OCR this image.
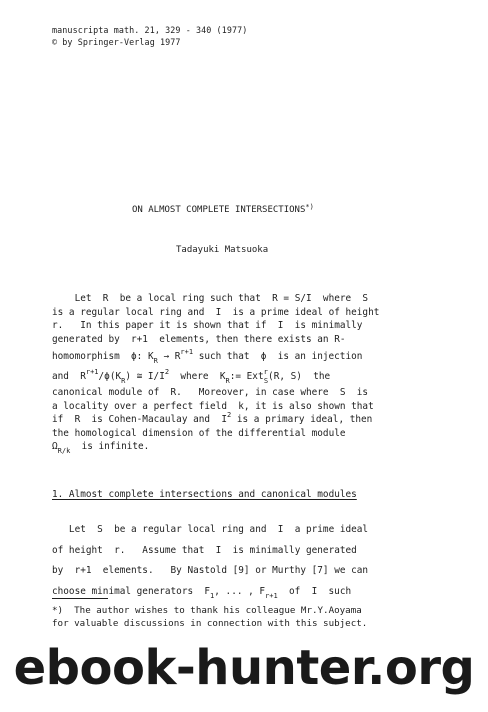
manuscripta math. 21, 329 - 340 (1977)
© by Springer-Verlag 1977
ON ALMOST COMPLETE INTERSECTIONS*)
Tadayuki Matsuoka
Let  R  be a local ring such that  R = S/I  where  S
is a regular local ring and  I  is a prime ideal of height
r.   In this paper it is shown that if  I  is minimally
generated by  r+1  elements, then there exists an R-
homomorphism  ϕ: $K_R \to R^{r+1}$ such that  ϕ  is an injection
and  $R^{r+1}/\phi(K_R)$ ≅ $I/I^2$  where  $K_R:= Ext^r_S(R$, S)  the
canonical module of  R.   Moreover, in case where  S  is
a locality over a perfect field  k, it is also shown that
if  R  is Cohen-Macaulay and  $I^2$ is a primary ideal, then
the homological dimension of the differential module
$\Omega_{R/k}$  is infinite.
1. Almost complete intersections and canonical modules
Let  S  be a regular local ring and  I  a prime ideal
of height  r.   Assume that  I  is minimally generated
by  r+1  elements.   By Nastold [9] or Murthy [7] we can
choose minimal generators  $F_1$, ... , $F_{r+1}$  of  I  such
*)  The author wishes to thank his colleague Mr.Y.Aoyama
for valuable discussions in connection with this subject.
ebook-hunter.org
